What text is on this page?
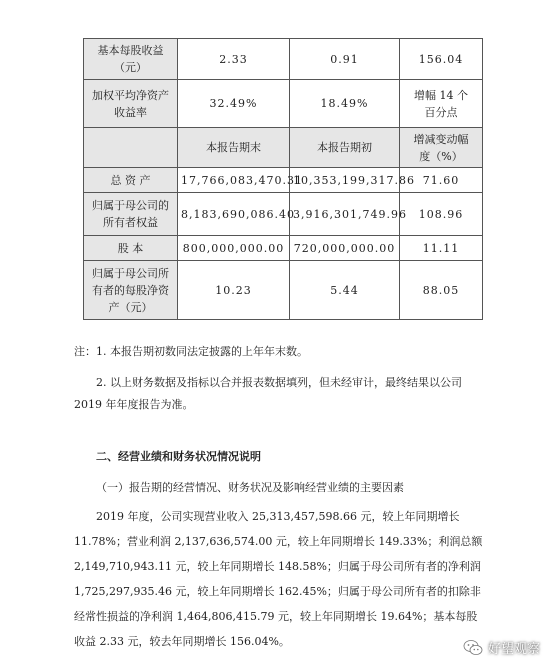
基本每股收益
（元）	2.33	0.91	156.04
加权平均净资产
收益率	32.49%	18.49%	增幅 14 个
百分点
	本报告期末	本报告期初	增减变动幅
度（%）
总 资 产	17,766,083,470.31	10,353,199,317.86	71.60
归属于母公司的
所有者权益	8,183,690,086.40	3,916,301,749.96	108.96
股 本	800,000,000.00	720,000,000.00	11.11
归属于母公司所
有者的每股净资
产（元）	10.23	5.44	88.05

注：1. 本报告期初数同法定披露的上年年末数。

2. 以上财务数据及指标以合并报表数据填列，但未经审计，最终结果以公司

2019 年年度报告为准。

二、经营业绩和财务状况情况说明

（一）报告期的经营情况、财务状况及影响经营业绩的主要因素

2019 年度，公司实现营业收入 25,313,457,598.66 元，较上年同期增长

11.78%；营业利润 2,137,636,574.00 元，较上年同期增长 149.33%；利润总额

2,149,710,943.11 元，较上年同期增长 148.58%；归属于母公司所有者的净利润

1,725,297,935.46 元，较上年同期增长 162.45%；归属于母公司所有者的扣除非

经常性损益的净利润 1,464,806,415.79 元，较上年同期增长 19.64%；基本每股

收益 2.33 元，较去年同期增长 156.04%。

好望观察
